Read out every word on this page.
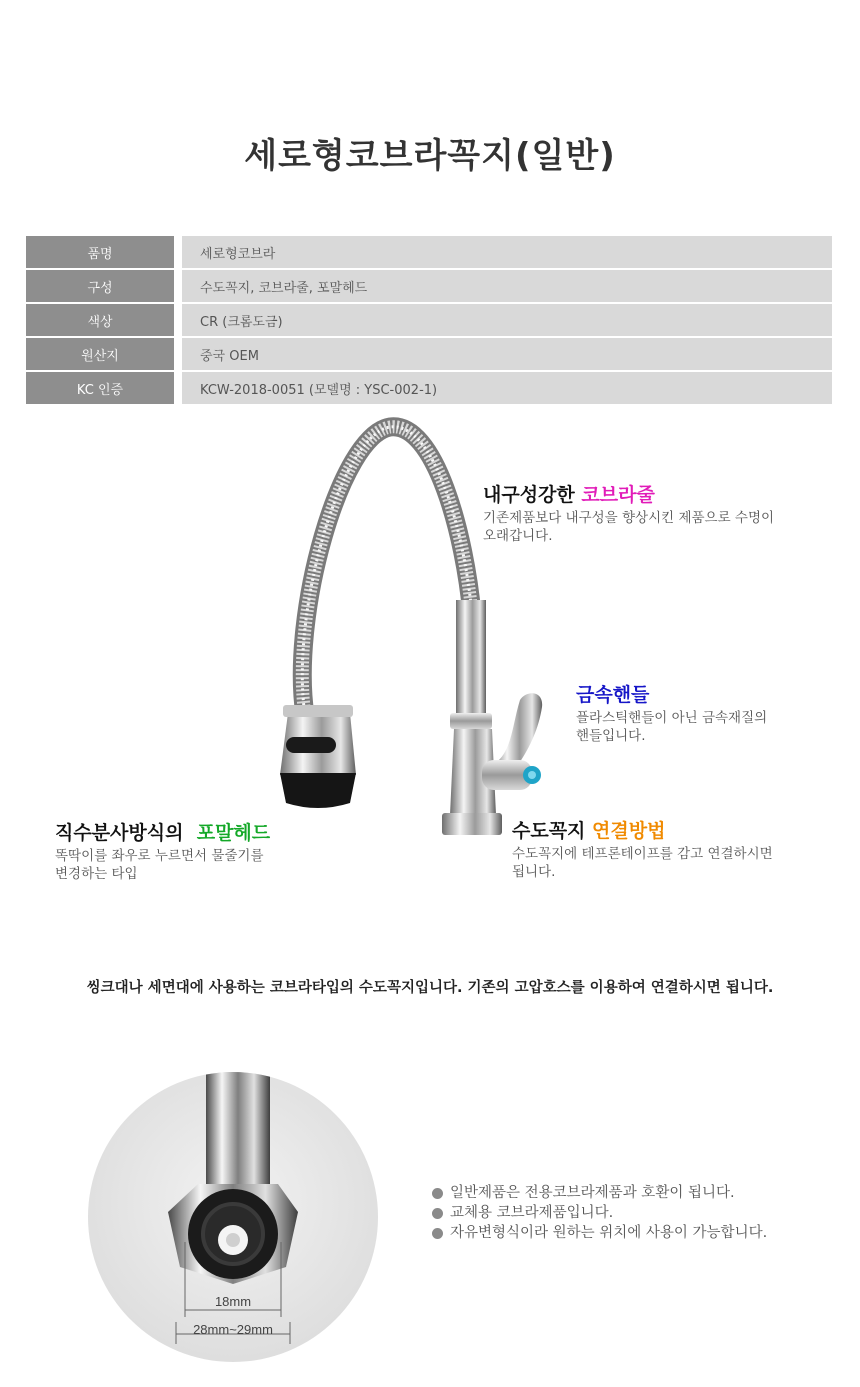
세로형코브라꼭지(일반)
품명		세로형코브라
구성		수도꼭지, 코브라줄, 포말헤드
색상		CR (크롬도금)
원산지		중국 OEM
KC 인증		KCW-2018-0051 (모델명 : YSC-002-1)
내구성강한 코브라줄
기존제품보다 내구성을 향상시킨 제품으로 수명이
오래갑니다.
금속핸들
플라스틱핸들이 아닌 금속재질의
핸들입니다.
수도꼭지 연결방법
수도꼭지에 테프론테이프를 감고 연결하시면
됩니다.
직수분사방식의  포말헤드
똑딱이를 좌우로 누르면서 물줄기를
변경하는 타입
씽크대나 세면대에 사용하는 코브라타입의 수도꼭지입니다. 기존의 고압호스를 이용하여 연결하시면 됩니다.
18mm
28mm~29mm
일반제품은 전용코브라제품과 호환이 됩니다.
교체용 코브라제품입니다.
자유변형식이라 원하는 위치에 사용이 가능합니다.
